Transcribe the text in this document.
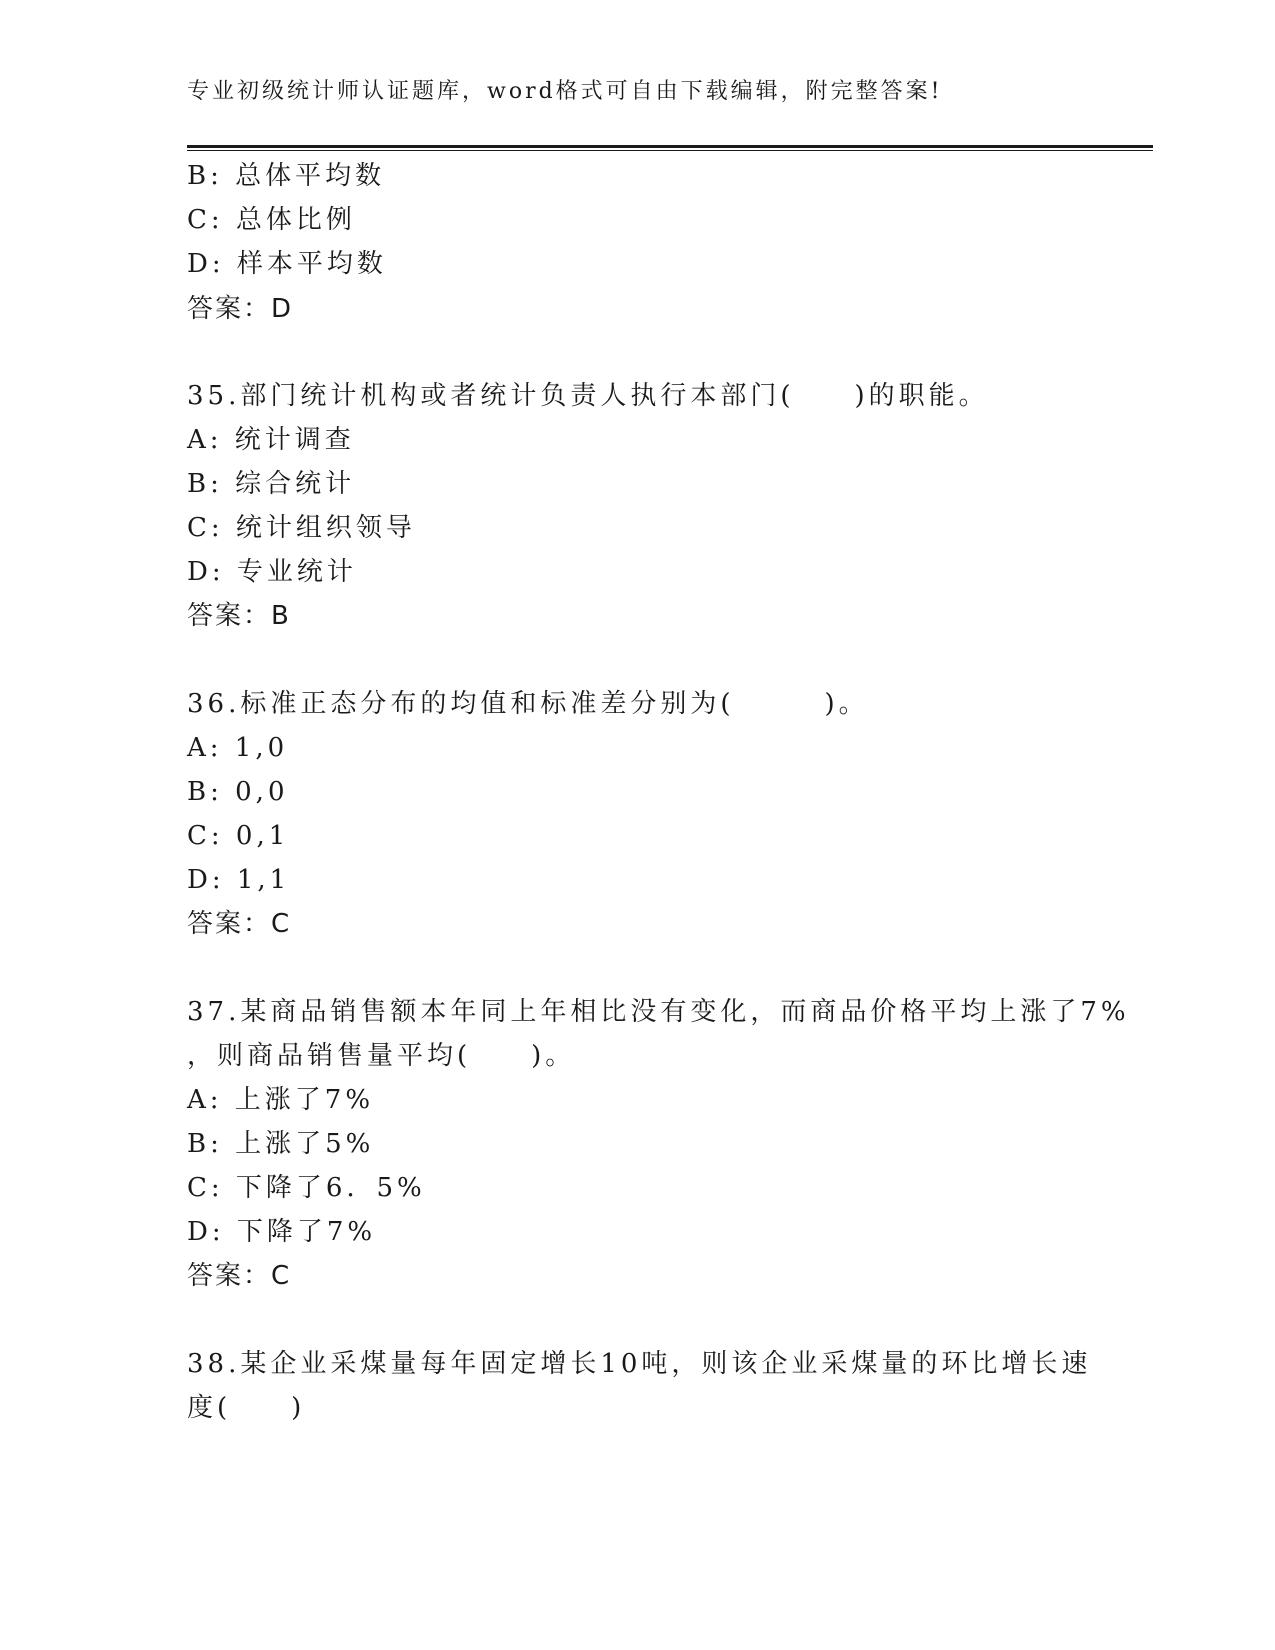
专业初级统计师认证题库，word格式可自由下载编辑，附完整答案!
B: 总体平均数
C: 总体比例
D: 样本平均数
答案：D
35.部门统计机构或者统计负责人执行本部门(　　)的职能。
A: 统计调查
B: 综合统计
C: 统计组织领导
D: 专业统计
答案：B
36.标准正态分布的均值和标准差分别为(　　　)。
A: 1,0
B: 0,0
C: 0,1
D: 1,1
答案：C
37.某商品销售额本年同上年相比没有变化，而商品价格平均上涨了7%
，则商品销售量平均(　　)。
A: 上涨了7%
B: 上涨了5%
C: 下降了6．5%
D: 下降了7%
答案：C
38.某企业采煤量每年固定增长10吨，则该企业采煤量的环比增长速
度(　　)
